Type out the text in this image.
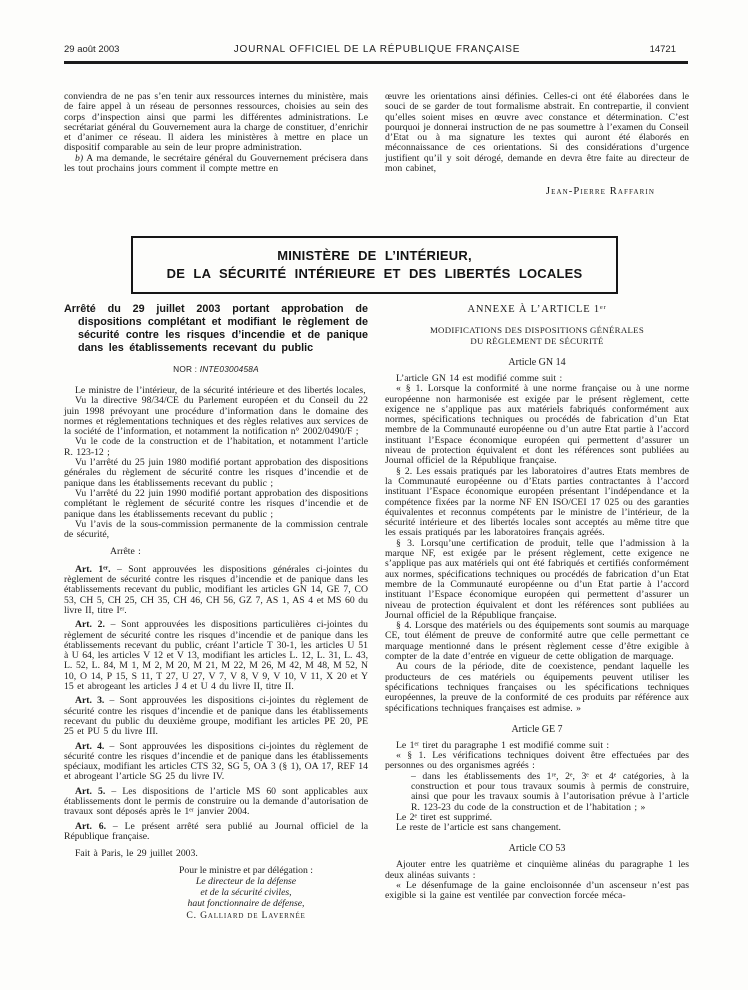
29 août 2003	JOURNAL OFFICIEL DE LA RÉPUBLIQUE FRANÇAISE	14721

conviendra de ne pas s’en tenir aux ressources internes du ministère, mais de faire appel à un réseau de personnes ressources, choisies au sein des corps d’inspection ainsi que parmi les différentes administrations. Le secrétariat général du Gouvernement aura la charge de constituer, d’enrichir et d’animer ce réseau. Il aidera les ministères à mettre en place un dispositif comparable au sein de leur propre administration.

b) A ma demande, le secrétaire général du Gouvernement précisera dans les tout prochains jours comment il compte mettre en

œuvre les orientations ainsi définies. Celles-ci ont été élaborées dans le souci de se garder de tout formalisme abstrait. En contrepartie, il convient qu’elles soient mises en œuvre avec constance et détermination. C’est pourquoi je donnerai instruction de ne pas soumettre à l’examen du Conseil d’Etat ou à ma signature les textes qui auront été élaborés en méconnaissance de ces orientations. Si des considérations d’urgence justifient qu’il y soit dérogé, demande en devra être faite au directeur de mon cabinet,

Jean-Pierre Raffarin
MINISTÈRE DE L’INTÉRIEUR,
DE LA SÉCURITÉ INTÉRIEURE ET DES LIBERTÉS LOCALES
Arrêté du 29 juillet 2003 portant approbation de dispositions complétant et modifiant le règlement de sécurité contre les risques d’incendie et de panique dans les établissements recevant du public
NOR : INTE0300458A

Le ministre de l’intérieur, de la sécurité intérieure et des libertés locales,

Vu la directive 98/34/CE du Parlement européen et du Conseil du 22 juin 1998 prévoyant une procédure d’information dans le domaine des normes et réglementations techniques et des règles relatives aux services de la société de l’information, et notamment la notification n° 2002/0490/F ;

Vu le code de la construction et de l’habitation, et notamment l’article R. 123-12 ;

Vu l’arrêté du 25 juin 1980 modifié portant approbation des dispositions générales du règlement de sécurité contre les risques d’incendie et de panique dans les établissements recevant du public ;

Vu l’arrêté du 22 juin 1990 modifié portant approbation des dispositions complétant le règlement de sécurité contre les risques d’incendie et de panique dans les établissements recevant du public ;

Vu l’avis de la sous-commission permanente de la commission centrale de sécurité,

Arrête :

Art. 1ᵉʳ. – Sont approuvées les dispositions générales ci-jointes du règlement de sécurité contre les risques d’incendie et de panique dans les établissements recevant du public, modifiant les articles GN 14, GE 7, CO 53, CH 5, CH 25, CH 35, CH 46, CH 56, GZ 7, AS 1, AS 4 et MS 60 du livre II, titre Iᵉʳ.

Art. 2. – Sont approuvées les dispositions particulières ci-jointes du règlement de sécurité contre les risques d’incendie et de panique dans les établissements recevant du public, créant l’article T 30-1, les articles U 51 à U 64, les articles V 12 et V 13, modifiant les articles L. 12, L. 31, L. 43, L. 52, L. 84, M 1, M 2, M 20, M 21, M 22, M 26, M 42, M 48, M 52, N 10, O 14, P 15, S 11, T 27, U 27, V 7, V 8, V 9, V 10, V 11, X 20 et Y 15 et abrogeant les articles J 4 et U 4 du livre II, titre II.

Art. 3. – Sont approuvées les dispositions ci-jointes du règlement de sécurité contre les risques d’incendie et de panique dans les établissements recevant du public du deuxième groupe, modifiant les articles PE 20, PE 25 et PU 5 du livre III.

Art. 4. – Sont approuvées les dispositions ci-jointes du règlement de sécurité contre les risques d’incendie et de panique dans les établissements spéciaux, modifiant les articles CTS 32, SG 5, OA 3 (§ 1), OA 17, REF 14 et abrogeant l’article SG 25 du livre IV.

Art. 5. – Les dispositions de l’article MS 60 sont applicables aux établissements dont le permis de construire ou la demande d’autorisation de travaux sont déposés après le 1ᵉʳ janvier 2004.

Art. 6. – Le présent arrêté sera publié au Journal officiel de la République française.

Fait à Paris, le 29 juillet 2003.

Pour le ministre et par délégation :
Le directeur de la défense
et de la sécurité civiles,
haut fonctionnaire de défense,
C. Galliard de Lavernée
ANNEXE À L’ARTICLE 1ᵉʳ
MODIFICATIONS DES DISPOSITIONS GÉNÉRALES
DU RÈGLEMENT DE SÉCURITÉ
Article GN 14

L’article GN 14 est modifié comme suit :

« § 1. Lorsque la conformité à une norme française ou à une norme européenne non harmonisée est exigée par le présent règlement, cette exigence ne s’applique pas aux matériels fabriqués conformément aux normes, spécifications techniques ou procédés de fabrication d’un Etat membre de la Communauté européenne ou d’un autre Etat partie à l’accord instituant l’Espace économique européen qui permettent d’assurer un niveau de protection équivalent et dont les références sont publiées au Journal officiel de la République française.

§ 2. Les essais pratiqués par les laboratoires d’autres Etats membres de la Communauté européenne ou d’Etats parties contractantes à l’accord instituant l’Espace économique européen présentant l’indépendance et la compétence fixées par la norme NF EN ISO/CEI 17 025 ou des garanties équivalentes et reconnus compétents par le ministre de l’intérieur, de la sécurité intérieure et des libertés locales sont acceptés au même titre que les essais pratiqués par les laboratoires français agréés.

§ 3. Lorsqu’une certification de produit, telle que l’admission à la marque NF, est exigée par le présent règlement, cette exigence ne s’applique pas aux matériels qui ont été fabriqués et certifiés conformément aux normes, spécifications techniques ou procédés de fabrication d’un Etat membre de la Communauté européenne ou d’un Etat partie à l’accord instituant l’Espace économique européen qui permettent d’assurer un niveau de protection équivalent et dont les références sont publiées au Journal officiel de la République française.

§ 4. Lorsque des matériels ou des équipements sont soumis au marquage CE, tout élément de preuve de conformité autre que celle permettant ce marquage mentionné dans le présent règlement cesse d’être exigible à compter de la date d’entrée en vigueur de cette obligation de marquage.

Au cours de la période, dite de coexistence, pendant laquelle les producteurs de ces matériels ou équipements peuvent utiliser les spécifications techniques françaises ou les spécifications techniques européennes, la preuve de la conformité de ces produits par référence aux spécifications techniques françaises est admise. »

Article GE 7

Le 1ᵉʳ tiret du paragraphe 1 est modifié comme suit :

« § 1. Les vérifications techniques doivent être effectuées par des personnes ou des organismes agréés :

– dans les établissements des 1ʳᵉ, 2ᵉ, 3ᵉ et 4ᵉ catégories, à la construction et pour tous travaux soumis à permis de construire, ainsi que pour les travaux soumis à l’autorisation prévue à l’article R. 123-23 du code de la construction et de l’habitation ; »

Le 2ᵉ tiret est supprimé.

Le reste de l’article est sans changement.

Article CO 53

Ajouter entre les quatrième et cinquième alinéas du paragraphe 1 les deux alinéas suivants :

« Le désenfumage de la gaine encloisonnée d’un ascenseur n’est pas exigible si la gaine est ventilée par convection forcée méca-
